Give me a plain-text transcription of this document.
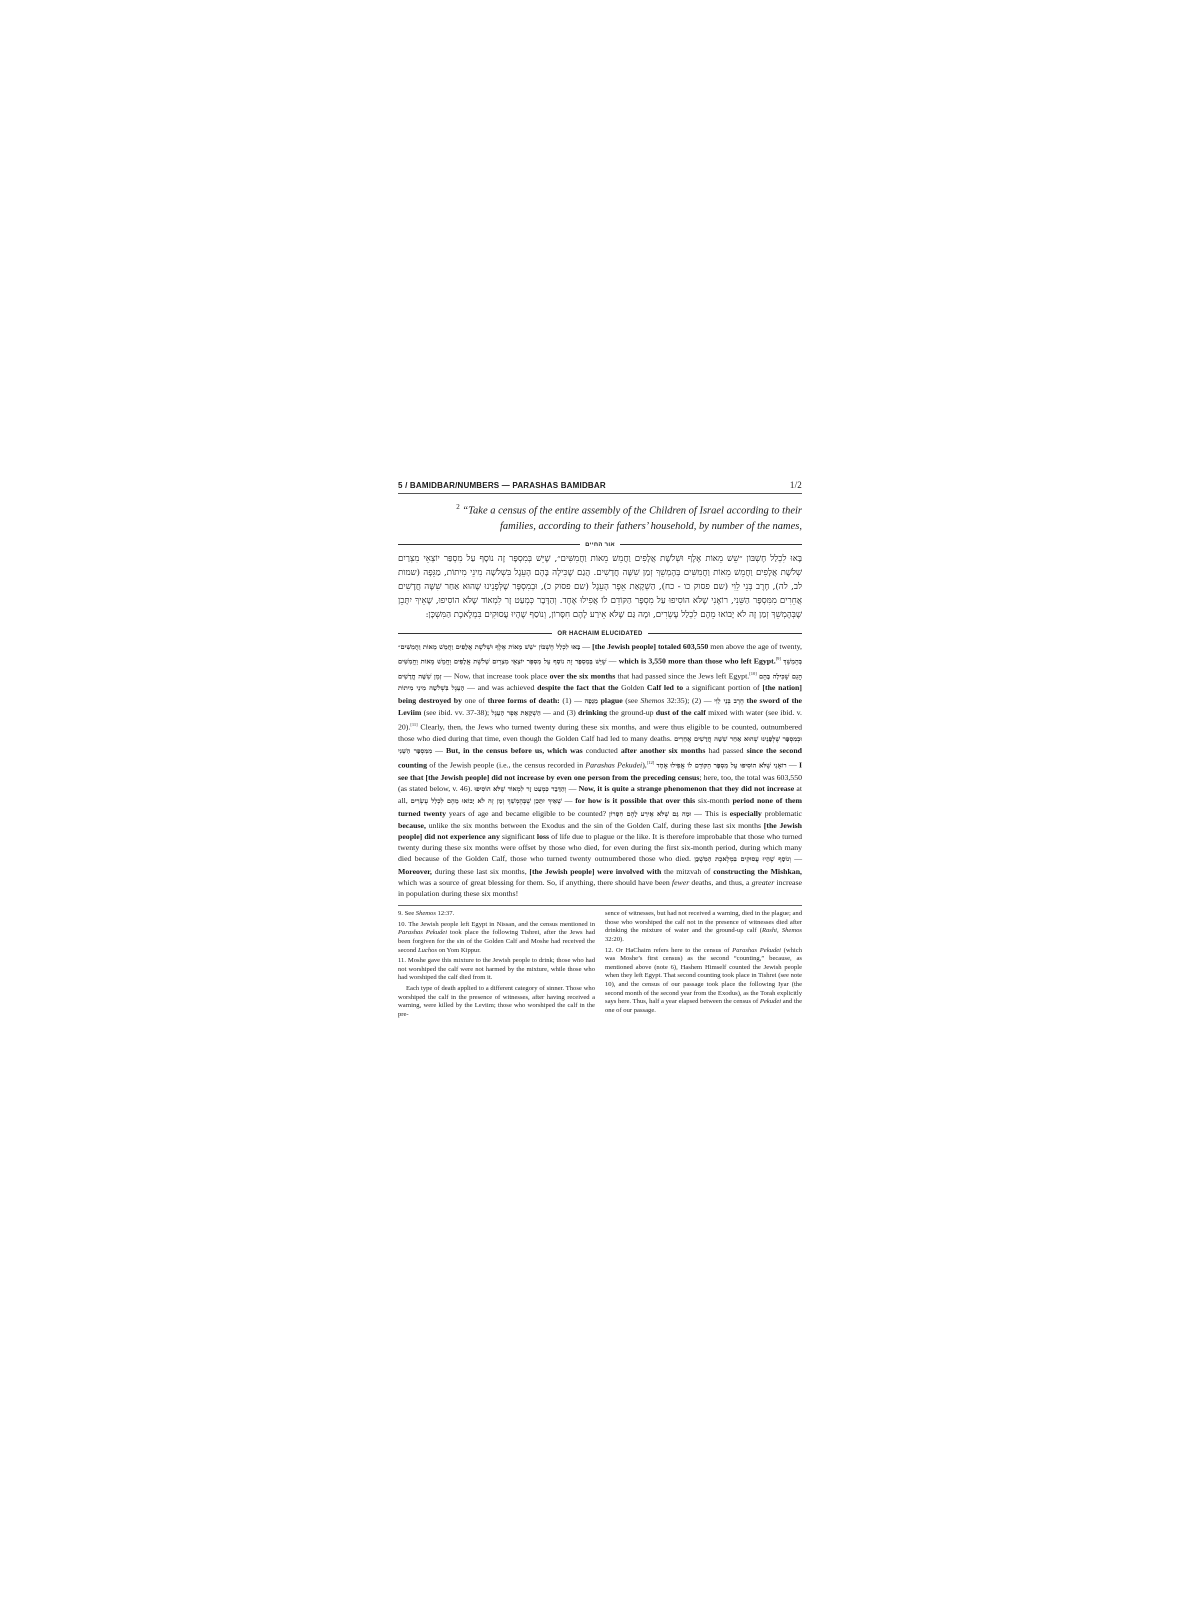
5 / BAMIDBAR/NUMBERS — PARASHAS BAMIDBAR	1/2

$^2$ “Take a census of the entire assembly of the Children of Israel according to their families, according to their fathers’ household, by number of the names,

אור החיים
בָּאוּ לִכְלַל חֶשְׁבּוֹן ״שֵׁשׁ מֵאוֹת אֶלֶף וּשְׁלֹשֶׁת אֲלָפִים וַחֲמֵשׁ מֵאוֹת וַחֲמִשִּׁים״, שֶׁיֵּשׁ בְּמִסְפָּר זֶה נוֹסָף עַל מִסְפַּר יוֹצְאֵי מִצְרַיִם שְׁלֹשֶׁת אֲלָפִים וַחֲמֵשׁ מֵאוֹת וַחֲמִשִּׁים בְּהֶמְשֵׁךְ זְמַן שִׁשָּׁה חֳדָשִׁים. הֲגַם שֶׁכִּילָה בָּהֶם הָעֵגֶל בִּשְׁלֹשָׁה מִינֵי מִיתוֹת, מַגֵּפָה (שמות לב, לה), חֶרֶב בְּנֵי לֵוִי (שם פסוק כו - כח), הַשְׁקָאַת אֵפֶר הָעֵגֶל (שם פסוק כ), וּבְמִסְפָּר שֶׁלְּפָנֵינוּ שֶׁהוּא אַחַר שִׁשָּׁה חֳדָשִׁים אֲחֵרִים מִמִּסְפָּר הַשֵּׁנִי, רוֹאֶנִי שֶׁלֹּא הוֹסִיפוּ עַל מִסְפָּר הַקּוֹדֵם לוֹ אֲפִילוּ אֶחָד. וְהַדָּבָר כְּמְעַט זָר לִמְאוֹד שֶׁלֹּא הוֹסִיפוּ, שֶׁאֵיךְ יִתָּכֵן שֶׁבְּהֶמְשֵׁךְ זְמַן זֶה לֹא יָבוֹאוּ מֵהֶם לִכְלַל עֶשְׂרִים, וּמָה גַּם שֶׁלֹּא אֵירַע לָהֶם חִסָּרוֹן, וְנוֹסַף שֶׁהָיוּ עֲסוּקִים בִּמְלֶאכֶת הַמִּשְׁכָּן:
OR HACHAIM ELUCIDATED
בָּאוּ לִכְלַל חֶשְׁבּוֹן ״שֵׁשׁ מֵאוֹת אֶלֶף וּשְׁלֹשֶׁת אֲלָפִים וַחֲמֵשׁ מֵאוֹת וַחֲמִשִּׁים״ — [the Jewish people] totaled 603,550 men above the age of twenty, שֶׁיֵּשׁ בְּמִסְפָּר זֶה נוֹסָף עַל מִסְפַּר יוֹצְאֵי מִצְרַיִם שְׁלֹשֶׁת אֲלָפִים וַחֲמֵשׁ מֵאוֹת וַחֲמִשִּׁים — which is 3,550 more than those who left Egypt.[9] בְּהֶמְשֵׁךְ זְמַן שִׁשָּׁה חֳדָשִׁים — Now, that increase took place over the six months that had passed since the Jews left Egypt.[10] הֲגַם שֶׁכִּילָה בָּהֶם הָעֵגֶל בִּשְׁלֹשָׁה מִינֵי מִיתוֹת — and was achieved despite the fact that the Golden Calf led to a significant portion of [the nation] being destroyed by one of three forms of death:	מַגֵּפָה — (1) plague (see Shemos 32:35);	חֶרֶב בְּנֵי לֵוִי — (2) the sword of the Leviim (see ibid. vv. 37-38); הַשְׁקָאַת אֵפֶר הָעֵגֶל — and (3) drinking the ground-up dust of the calf mixed with water (see ibid. v. 20).[11] Clearly, then, the Jews who turned twenty during these six months, and were thus eligible to be counted, outnumbered those who died during that time, even though the Golden Calf had led to many deaths. וּבְמִסְפָּר שֶׁלְּפָנֵינוּ שֶׁהוּא אַחַר שִׁשָּׁה חֳדָשִׁים אֲחֵרִים מִמִּסְפָּר הַשֵּׁנִי — But, in the census before us, which was conducted after another six months had passed since the second counting of the Jewish people (i.e., the census recorded in Parashas Pekudei),[12] רוֹאֶנִי שֶׁלֹּא הוֹסִיפוּ עַל מִסְפָּר הַקּוֹדֵם לוֹ אֲפִילוּ אֶחָד — I see that [the Jewish people] did not increase by even one person from the preceding census; here, too, the total was 603,550 (as stated below, v. 46). וְהַדָּבָר כִּמְעַט זָר לִמְאוֹד שֶׁלֹּא הוֹסִיפוּ — Now, it is quite a strange phenomenon that they did not increase at all, שֶׁאֵיךְ יִתָּכֵן שֶׁבְּהֶמְשֵׁךְ זְמַן זֶה לֹא יָבוֹאוּ מֵהֶם לִכְלַל עֶשְׂרִים — for how is it possible that over this six-month period none of them turned twenty years of age and became eligible to be counted? וּמָה גַּם שֶׁלֹּא אֵירַע לָהֶם חִסָּרוֹן — This is especially problematic because, unlike the six months between the Exodus and the sin of the Golden Calf, during these last six months [the Jewish people] did not experience any significant loss of life due to plague or the like. It is therefore improbable that those who turned twenty during these six months were offset by those who died, for even during the first six-month period, during which many died because of the Golden Calf, those who turned twenty outnumbered those who died. וְנוֹסָף שֶׁהָיוּ עֲסוּקִים בִּמְלֶאכֶת הַמִּשְׁכָּן — Moreover, during these last six months, [the Jewish people] were involved with the mitzvah of constructing the Mishkan, which was a source of great blessing for them. So, if anything, there should have been fewer deaths, and thus, a greater increase in population during these six months!

9. See Shemos 12:37.

10. The Jewish people left Egypt in Nissan, and the census mentioned in Parashas Pekudei took place the following Tishrei, after the Jews had been forgiven for the sin of the Golden Calf and Moshe had received the second Luchos on Yom Kippur.

11. Moshe gave this mixture to the Jewish people to drink; those who had not worshiped the calf were not harmed by the mixture, while those who had worshiped the calf died from it.

Each type of death applied to a different category of sinner. Those who worshiped the calf in the presence of witnesses, after having received a warning, were killed by the Leviim; those who worshiped the calf in the pre-

sence of witnesses, but had not received a warning, died in the plague; and those who worshiped the calf not in the presence of witnesses died after drinking the mixture of water and the ground-up calf (Rashi, Shemos 32:20).

12. Or HaChaim refers here to the census of Parashas Pekudei (which was Moshe’s first census) as the second “counting,” because, as mentioned above (note 6), Hashem Himself counted the Jewish people when they left Egypt. That second counting took place in Tishrei (see note 10), and the census of our passage took place the following Iyar (the second month of the second year from the Exodus), as the Torah explicitly says here. Thus, half a year elapsed between the census of Pekudei and the one of our passage.
